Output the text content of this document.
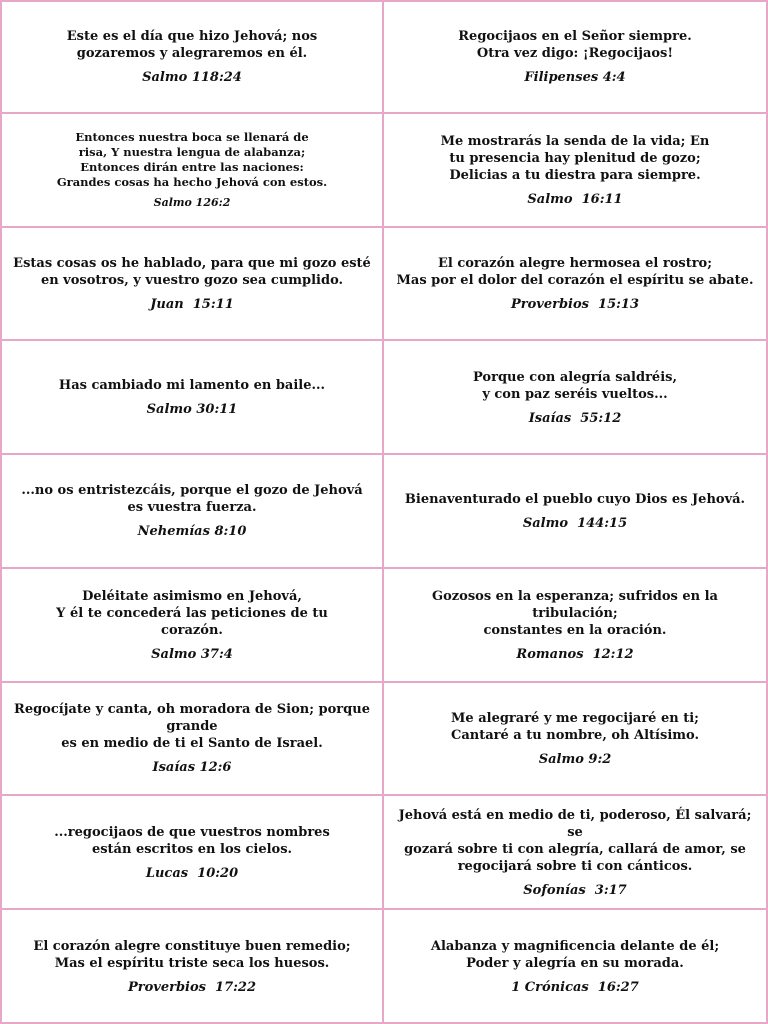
Este es el día que hizo Jehová; nos
gozaremos y alegraremos en él.
Salmo 118:24
Regocijaos en el Señor siempre.
Otra vez digo: ¡Regocijaos!
Filipenses 4:4
Entonces nuestra boca se llenará de
risa, Y nuestra lengua de alabanza;
Entonces dirán entre las naciones:
Grandes cosas ha hecho Jehová con estos.
Salmo 126:2
Me mostrarás la senda de la vida; En
tu presencia hay plenitud de gozo;
Delicias a tu diestra para siempre.
Salmo  16:11
Estas cosas os he hablado, para que mi gozo esté
en vosotros, y vuestro gozo sea cumplido.
Juan  15:11
El corazón alegre hermosea el rostro;
Mas por el dolor del corazón el espíritu se abate.
Proverbios  15:13
Has cambiado mi lamento en baile...
Salmo 30:11
Porque con alegría saldréis,
y con paz seréis vueltos...
Isaías  55:12
...no os entristezcáis, porque el gozo de Jehová
es vuestra fuerza.
Nehemías 8:10
Bienaventurado el pueblo cuyo Dios es Jehová.
Salmo  144:15
Deléitate asimismo en Jehová,
Y él te concederá las peticiones de tu
corazón.
Salmo 37:4
Gozosos en la esperanza; sufridos en la tribulación;
constantes en la oración.
Romanos  12:12
Regocíjate y canta, oh moradora de Sion; porque grande
es en medio de ti el Santo de Israel.
Isaías 12:6
Me alegraré y me regocijaré en ti;
Cantaré a tu nombre, oh Altísimo.
Salmo 9:2
...regocijaos de que vuestros nombres
están escritos en los cielos.
Lucas  10:20
Jehová está en medio de ti, poderoso, Él salvará; se
gozará sobre ti con alegría, callará de amor, se
regocijará sobre ti con cánticos.
Sofonías  3:17
El corazón alegre constituye buen remedio;
Mas el espíritu triste seca los huesos.
Proverbios  17:22
Alabanza y magnificencia delante de él;
Poder y alegría en su morada.
1 Crónicas  16:27
